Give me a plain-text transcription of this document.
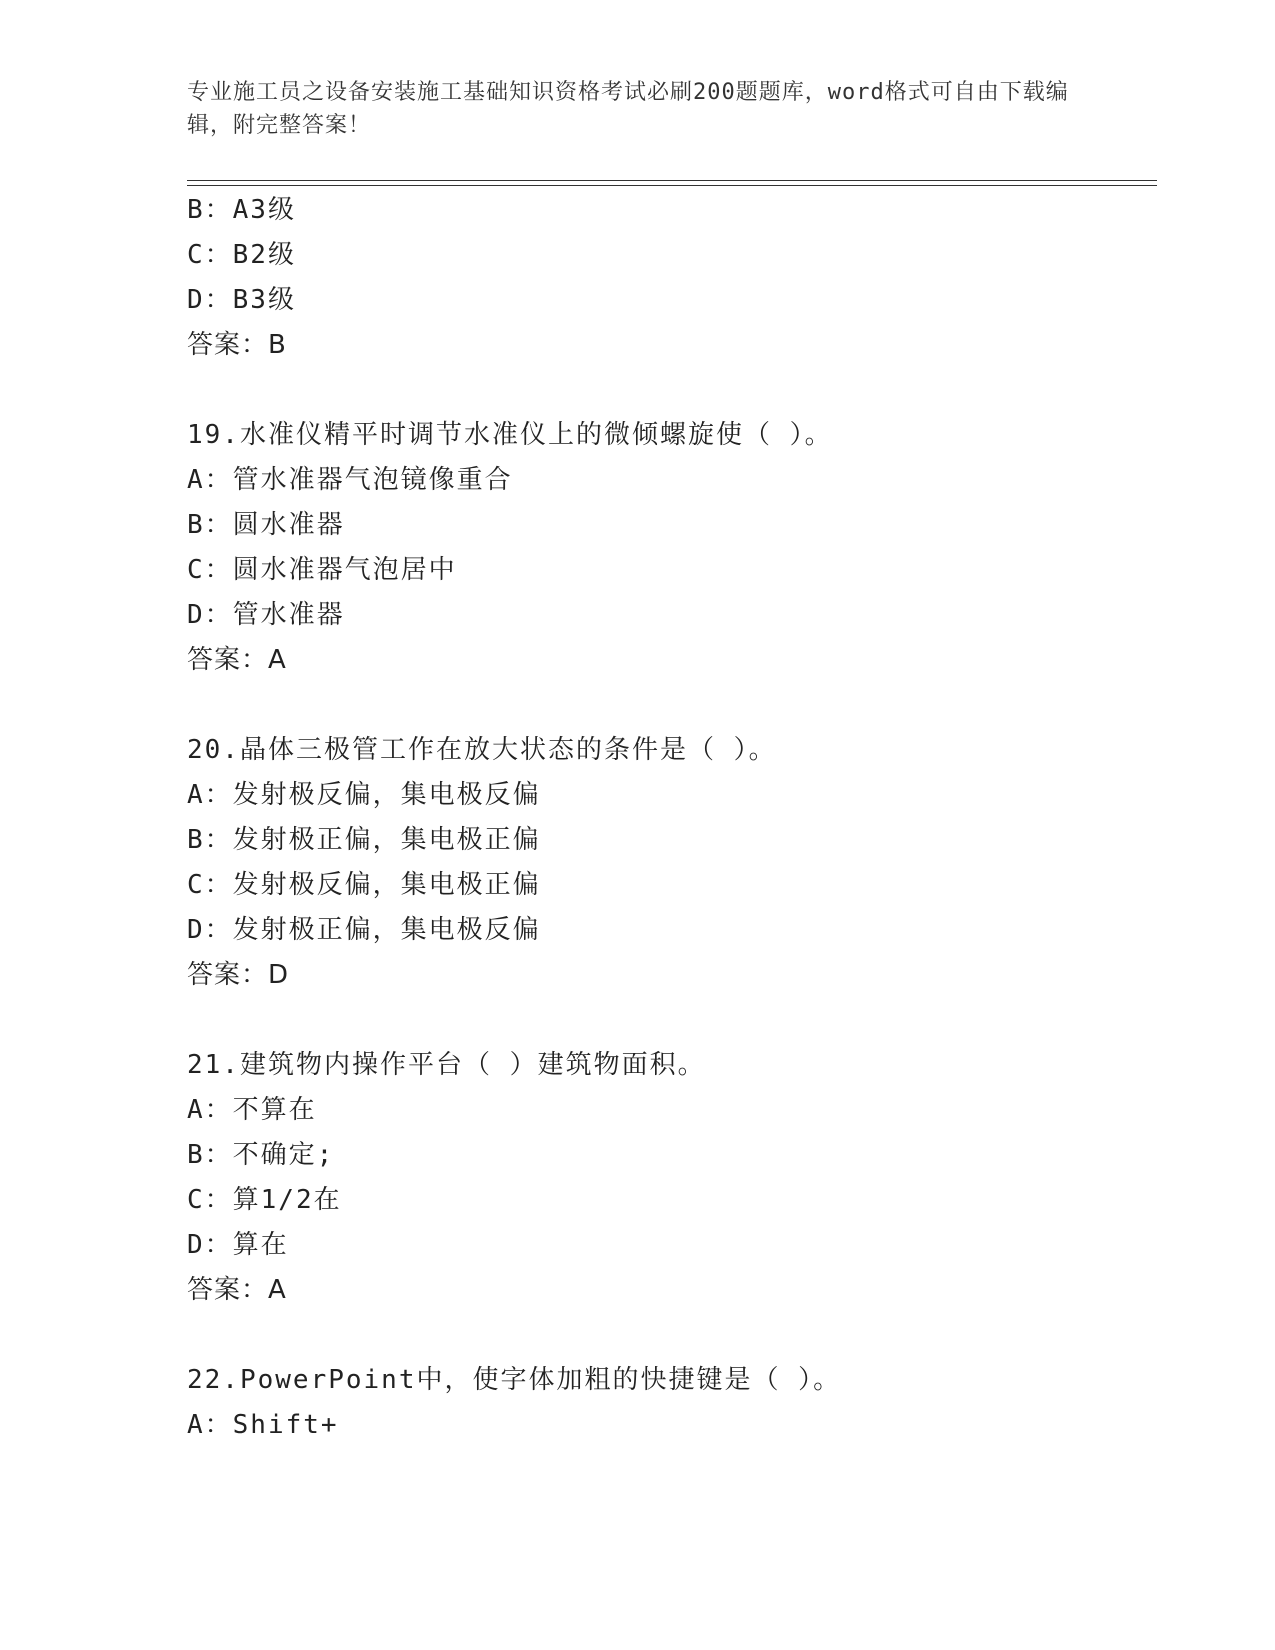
专业施工员之设备安装施工基础知识资格考试必刷200题题库，word格式可自由下载编辑，附完整答案！
B：A3级
C：B2级
D：B3级
答案：B
19.水准仪精平时调节水准仪上的微倾螺旋使（ ）。
A：管水准器气泡镜像重合
B：圆水准器
C：圆水准器气泡居中
D：管水准器
答案：A
20.晶体三极管工作在放大状态的条件是（ ）。
A：发射极反偏，集电极反偏
B：发射极正偏，集电极正偏
C：发射极反偏，集电极正偏
D：发射极正偏，集电极反偏
答案：D
21.建筑物内操作平台（ ）建筑物面积。
A：不算在
B：不确定;
C：算1/2在
D：算在
答案：A
22.PowerPoint中，使字体加粗的快捷键是（ ）。
A：Shift+
